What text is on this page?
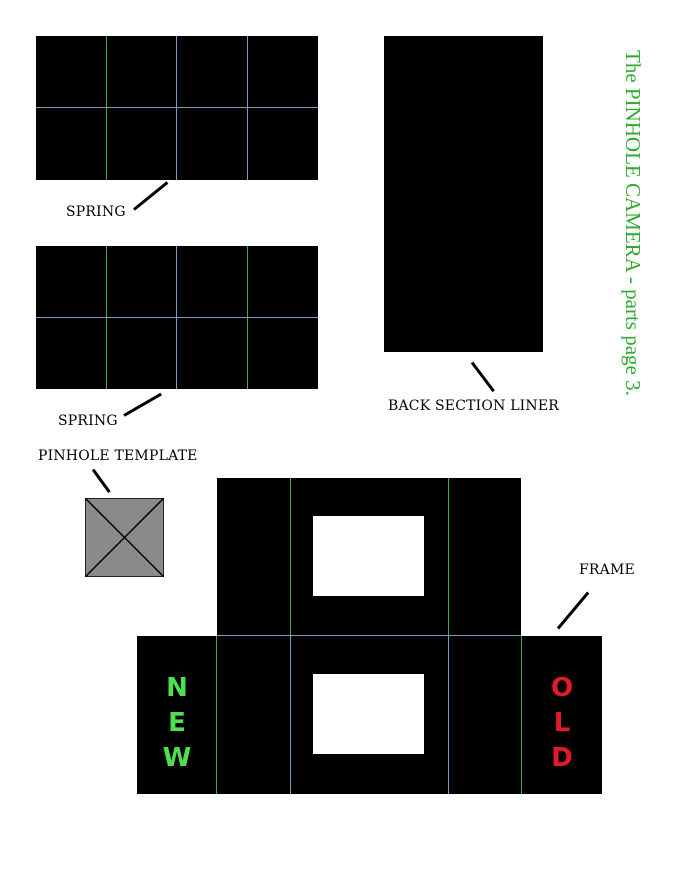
The PINHOLE CAMERA - parts page 3.
SPRING
SPRING
BACK SECTION LINER
PINHOLE TEMPLATE
N
E
W
O
L
D
FRAME
